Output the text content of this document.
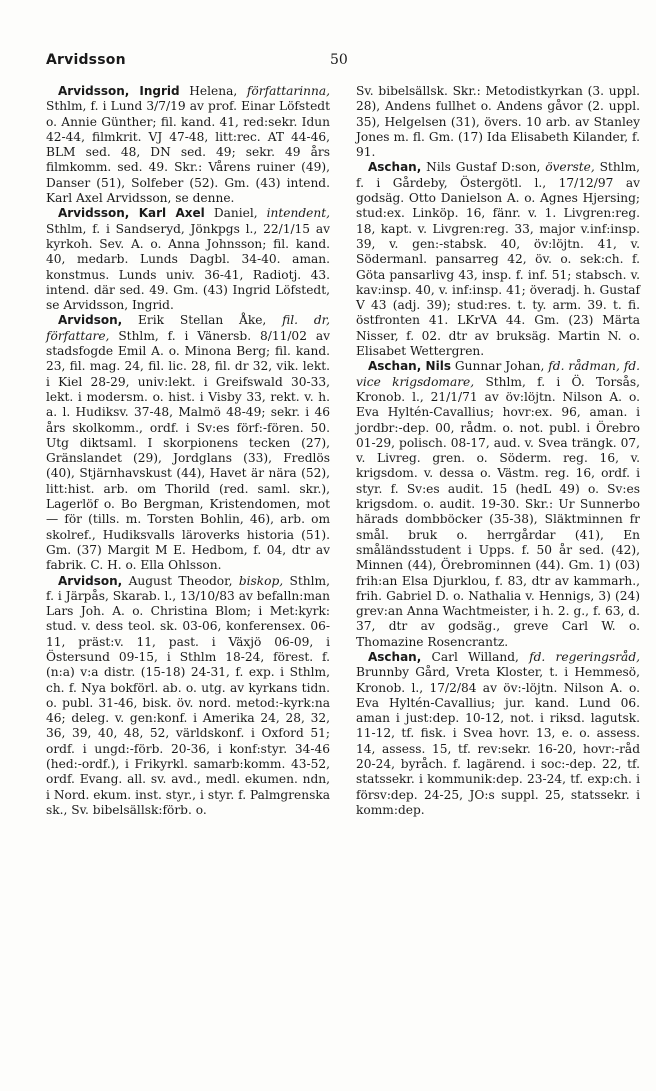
Arvidsson	50

Arvidsson, Ingrid Helena, författarinna, Sthlm, f. i Lund 3/7/19 av prof. Einar Löfstedt o. Annie Günther; fil. kand. 41, red:sekr. Idun 42-44, filmkrit. VJ 47-48, litt:rec. AT 44-46, BLM sed. 48, DN sed. 49; sekr. 49 års filmkomm. sed. 49. Skr.: Vårens ruiner (49), Danser (51), Solfeber (52). Gm. (43) intend. Karl Axel Arvidsson, se denne.

Arvidsson, Karl Axel Daniel, intendent, Sthlm, f. i Sandseryd, Jönkpgs l., 22/1/15 av kyrkoh. Sev. A. o. Anna Johnsson; fil. kand. 40, medarb. Lunds Dagbl. 34-40. aman. konstmus. Lunds univ. 36-41, Radiotj. 43. intend. där sed. 49. Gm. (43) Ingrid Löfstedt, se Arvidsson, Ingrid.

Arvidson, Erik Stellan Åke, fil. dr, författare, Sthlm, f. i Vänersb. 8/11/02 av stadsfogde Emil A. o. Minona Berg; fil. kand. 23, fil. mag. 24, fil. lic. 28, fil. dr 32, vik. lekt. i Kiel 28-29, univ:lekt. i Greifswald 30-33, lekt. i modersm. o. hist. i Visby 33, rekt. v. h. a. l. Hudiksv. 37-48, Malmö 48-49; sekr. i 46 års skolkomm., ordf. i Sv:es förf:-fören. 50. Utg diktsaml. I skorpionens tecken (27), Gränslandet (29), Jordglans (33), Fredlös (40), Stjärnhavskust (44), Havet är nära (52), litt:hist. arb. om Thorild (red. saml. skr.), Lagerlöf o. Bo Bergman, Kristendomen, mot — för (tills. m. Torsten Bohlin, 46), arb. om skolref., Hudiksvalls läroverks historia (51). Gm. (37) Margit M E. Hedbom, f. 04, dtr av fabrik. C. H. o. Ella Ohlsson.

Arvidson, August Theodor, biskop, Sthlm, f. i Järpås, Skarab. l., 13/10/83 av befalln:man Lars Joh. A. o. Christina Blom; i Met:kyrk: stud. v. dess teol. sk. 03-06, konferensex. 06-11, präst:v. 11, past. i Växjö 06-09, i Östersund 09-15, i Sthlm 18-24, förest. f. (n:a) v:a distr. (15-18) 24-31, f. exp. i Sthlm, ch. f. Nya bokförl. ab. o. utg. av kyrkans tidn. o. publ. 31-46, bisk. öv. nord. metod:-kyrk:na 46; deleg. v. gen:konf. i Amerika 24, 28, 32, 36, 39, 40, 48, 52, världskonf. i Oxford 51; ordf. i ungd:-förb. 20-36, i konf:styr. 34-46 (hed:-ordf.), i Frikyrkl. samarb:komm. 43-52, ordf. Evang. all. sv. avd., medl. ekumen. ndn, i Nord. ekum. inst. styr., i styr. f. Palmgrenska sk., Sv. bibelsällsk:förb. o.

Sv. bibelsällsk. Skr.: Metodistkyrkan (3. uppl. 28), Andens fullhet o. Andens gåvor (2. uppl. 35), Helgelsen (31), övers. 10 arb. av Stanley Jones m. fl. Gm. (17) Ida Elisabeth Kilander, f. 91.

Aschan, Nils Gustaf D:son, överste, Sthlm, f. i Gårdeby, Östergötl. l., 17/12/97 av godsäg. Otto Danielson A. o. Agnes Hjersing; stud:ex. Linköp. 16, fänr. v. 1. Livgren:reg. 18, kapt. v. Livgren:reg. 33, major v.inf:insp. 39, v. gen:-stabsk. 40, öv:löjtn. 41, v. Södermanl. pansarreg 42, öv. o. sek:ch. f. Göta pansarlivg 43, insp. f. inf. 51; stabsch. v. kav:insp. 40, v. inf:insp. 41; överadj. h. Gustaf V 43 (adj. 39); stud:res. t. ty. arm. 39. t. fi. östfronten 41. LKrVA 44. Gm. (23) Märta Nisser, f. 02. dtr av bruksäg. Martin N. o. Elisabet Wettergren.

Aschan, Nils Gunnar Johan, fd. rådman, fd. vice krigsdomare, Sthlm, f. i Ö. Torsås, Kronob. l., 21/1/71 av öv:löjtn. Nilson A. o. Eva Hyltén-Cavallius; hovr:ex. 96, aman. i jordbr:-dep. 00, rådm. o. not. publ. i Örebro 01-29, polisch. 08-17, aud. v. Svea trängk. 07, v. Livreg. gren. o. Söderm. reg. 16, v. krigsdom. v. dessa o. Västm. reg. 16, ordf. i styr. f. Sv:es audit. 15 (hedL 49) o. Sv:es krigsdom. o. audit. 19-30. Skr.: Ur Sunnerbo härads dombböcker (35-38), Släktminnen fr smål. bruk o. herrgårdar (41), En småländsstudent i Upps. f. 50 år sed. (42), Minnen (44), Örebrominnen (44). Gm. 1) (03) frih:an Elsa Djurklou, f. 83, dtr av kammarh., frih. Gabriel D. o. Nathalia v. Hennigs, 3) (24) grev:an Anna Wachtmeister, i h. 2. g., f. 63, d. 37, dtr av godsäg., greve Carl W. o. Thomazine Rosencrantz.

Aschan, Carl Willand, fd. regeringsråd, Brunnby Gård, Vreta Kloster, t. i Hemmesö, Kronob. l., 17/2/84 av öv:-löjtn. Nilson A. o. Eva Hyltén-Cavallius; jur. kand. Lund 06. aman i just:dep. 10-12, not. i riksd. lagutsk. 11-12, tf. fisk. i Svea hovr. 13, e. o. assess. 14, assess. 15, tf. rev:sekr. 16-20, hovr:-råd 20-24, byråch. f. lagärend. i soc:-dep. 22, tf. statssekr. i kommunik:dep. 23-24, tf. exp:ch. i försv:dep. 24-25, JO:s suppl. 25, statssekr. i komm:dep.
